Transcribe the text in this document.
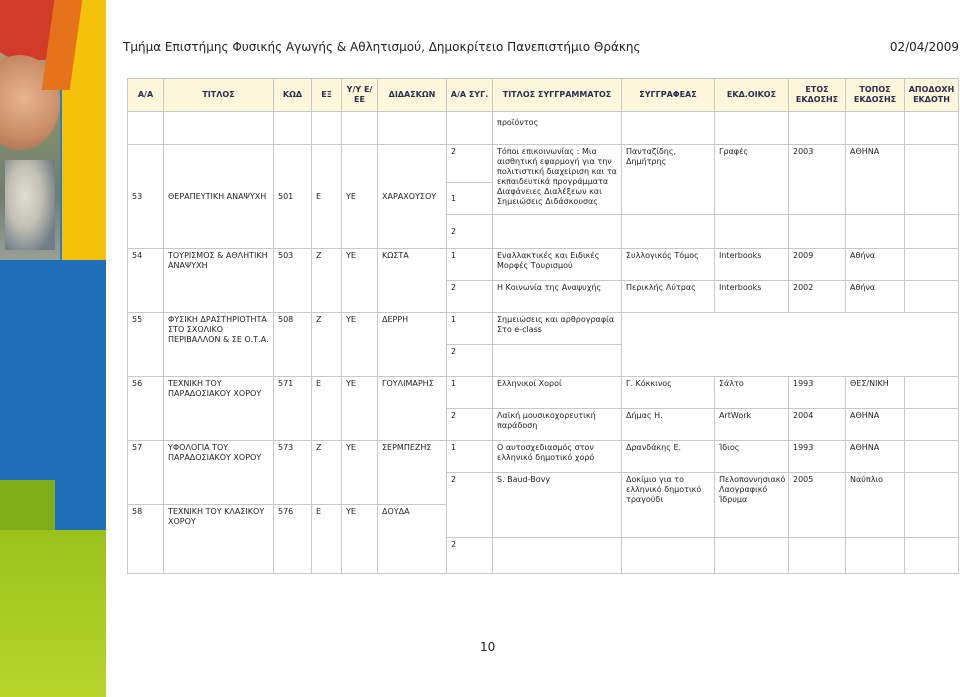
Τμήμα Επιστήμης Φυσικής Αγωγής & Αθλητισμού, Δημοκρίτειο Πανεπιστήμιο Θράκης	02/04/2009
Α/Α	ΤΙΤΛΟΣ	ΚΩΔ	ΕΞ	Υ/Υ Ε/ΕΕ	ΔΙΔΑΣΚΩΝ	Α/Α ΣΥΓ.	ΤΙΤΛΟΣ ΣΥΓΓΡΑΜΜΑΤΟΣ	ΣΥΓΓΡΑΦΕΑΣ	ΕΚΔ.ΟΙΚΟΣ	ΕΤΟΣ ΕΚΔΟΣΗΣ	ΤΟΠΟΣ ΕΚΔΟΣΗΣ	ΑΠΟΔΟΧΗ ΕΚΔΟΤΗ	
							προϊόντος						
53	ΘΕΡΑΠΕΥΤΙΚΗ ΑΝΑΨΥΧΗ	501	Ε	ΥΕ	ΧΑΡΑΧΟΥΣΟΥ	2	Τόποι επικοινωνίας : Μια αισθητική εφαρμογή για την πολιτιστική διαχείριση και τα εκπαιδευτικά προγράμματα
Διαφάνειες Διαλέξεων και Σημειώσεις Διδάσκουσας	Πανταζίδης, Δημήτρης	Γραφές	2003	ΑΘΗΝΑ		
						1							
						2							
54	ΤΟΥΡΙΣΜΟΣ & ΑΘΛΗΤΙΚΗ ΑΝΑΨΥΧΗ	503	Ζ	ΥΕ	ΚΩΣΤΑ	1	Εναλλακτικές και Ειδικές Μορφές Τουρισμού	Συλλογικός Τόμος	Interbooks	2009	Αθήνα		
						2	Η Κοινωνία της Αναψυχής	Περικλής Λύτρας	Interbooks	2002	Αθήνα		
55	ΦΥΣΙΚΗ ΔΡΑΣΤΗΡΙΟΤΗΤΑ ΣΤΟ ΣΧΟΛΙΚΟ ΠΕΡΙΒΑΛΛΟΝ & ΣΕ Ο.Τ.Α.	508	Ζ	ΥΕ	ΔΕΡΡΗ	1	Σημειώσεις και αρθρογραφία Στο e-class						
						2							
56	ΤΕΧΝΙΚΗ ΤΟΥ ΠΑΡΑΔΟΣΙΑΚΟΥ ΧΟΡΟΥ	571	Ε	ΥΕ	ΓΟΥΛΙΜΑΡΗΣ	1	Ελληνικοί Χοροί	Γ. Κόκκινος	Σάλτο	1993	ΘΕΣ/ΝΙΚΗ		
						2	Λαϊκή μουσικοχορευτική παράδοση	Δήμας Η.	ArtWork	2004	ΑΘΗΝΑ		
57	ΥΦΟΛΟΓΙΑ ΤΟΥ ΠΑΡΑΔΟΣΙΑΚΟΥ ΧΟΡΟΥ	573	Ζ	ΥΕ	ΣΕΡΜΠΕΖΗΣ	1	Ο αυτοσχεδιασμός στον ελληνικό δημοτικό χορό	Δρανδάκης Ε.	Ίδιος	1993	ΑΘΗΝΑ		
						2	S. Baud-Bovy	Δοκίμιο για το ελληνικό δημοτικό τραγούδι	Πελοποννησιακό Λαογραφικό Ίδρυμα	2005	Ναύπλιο		
58	ΤΕΧΝΙΚΗ ΤΟΥ ΚΛΑΣΙΚΟΥ ΧΟΡΟΥ	576	Ε	ΥΕ	ΔΟΥΔΑ	
						2							
10
